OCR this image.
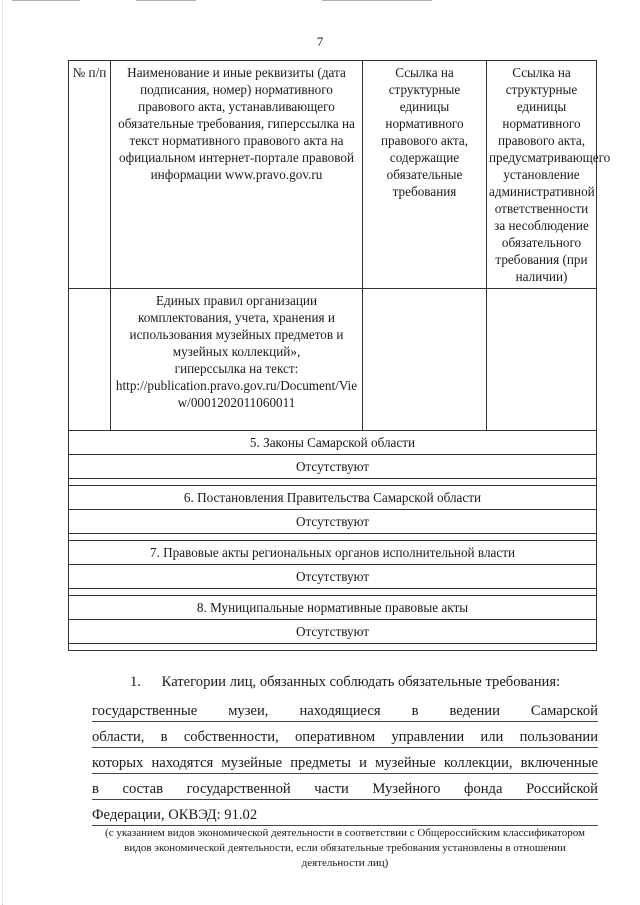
7
№ п/п	Наименование и иные реквизиты (дата подписания, номер) нормативного правового акта, устанавливающего обязательные требования, гиперссылка на текст нормативного правового акта на официальном интернет-портале правовой информации www.pravo.gov.ru	Ссылка на структурные единицы нормативного правового акта, содержащие обязательные требования	Ссылка на структурные единицы нормативного правового акта, предусматривающего установление административной ответственности за несоблюдение обязательного требования (при наличии)
	Единых правил организации комплектования, учета, хранения и использования музейных предметов и музейных коллекций»,
гиперссылка на текст:
http://publication.pravo.gov.ru/Document/View/0001202011060011		
5. Законы Самарской области			
Отсутствуют			

6. Постановления Правительства Самарской области			
Отсутствуют			

7. Правовые акты региональных органов исполнительной власти			
Отсутствуют			

8. Муниципальные нормативные правовые акты			
Отсутствуют			

1. Категории лиц, обязанных соблюдать обязательные требования:
государственные музеи, находящиеся в ведении Самарской
области, в собственности, оперативном управлении или пользовании
которых находятся музейные предметы и музейные коллекции, включенные
в состав государственной части Музейного фонда Российской
Федерации, ОКВЭД: 91.02
(с указанием видов экономической деятельности в соответствии с Общероссийским классификатором видов экономической деятельности, если обязательные требования установлены в отношении деятельности лиц)
